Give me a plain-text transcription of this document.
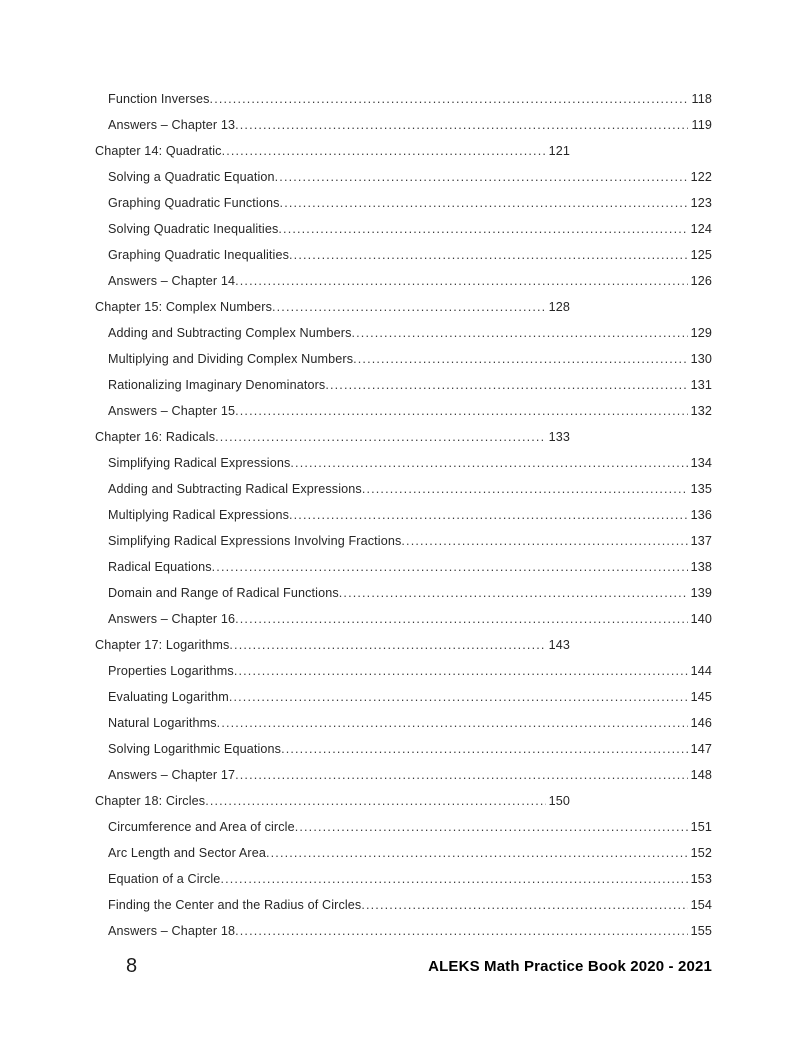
Function Inverses .....	118
Answers – Chapter 13 .....	119
Chapter 14: Quadratic .....	121
Solving a Quadratic Equation .....	122
Graphing Quadratic Functions .....	123
Solving Quadratic Inequalities .....	124
Graphing Quadratic Inequalities .....	125
Answers – Chapter 14 .....	126
Chapter 15: Complex Numbers .....	128
Adding and Subtracting Complex Numbers .....	129
Multiplying and Dividing Complex Numbers .....	130
Rationalizing Imaginary Denominators .....	131
Answers – Chapter 15 .....	132
Chapter 16: Radicals .....	133
Simplifying Radical Expressions .....	134
Adding and Subtracting Radical Expressions .....	135
Multiplying Radical Expressions .....	136
Simplifying Radical Expressions Involving Fractions .....	137
Radical Equations .....	138
Domain and Range of Radical Functions .....	139
Answers – Chapter 16 .....	140
Chapter 17: Logarithms .....	143
Properties Logarithms .....	144
Evaluating Logarithm .....	145
Natural Logarithms .....	146
Solving Logarithmic Equations .....	147
Answers – Chapter 17 .....	148
Chapter 18: Circles .....	150
Circumference and Area of circle .....	151
Arc Length and Sector Area .....	152
Equation of a Circle .....	153
Finding the Center and the Radius of Circles .....	154
Answers – Chapter 18 .....	155
8	ALEKS Math Practice Book 2020 - 2021
